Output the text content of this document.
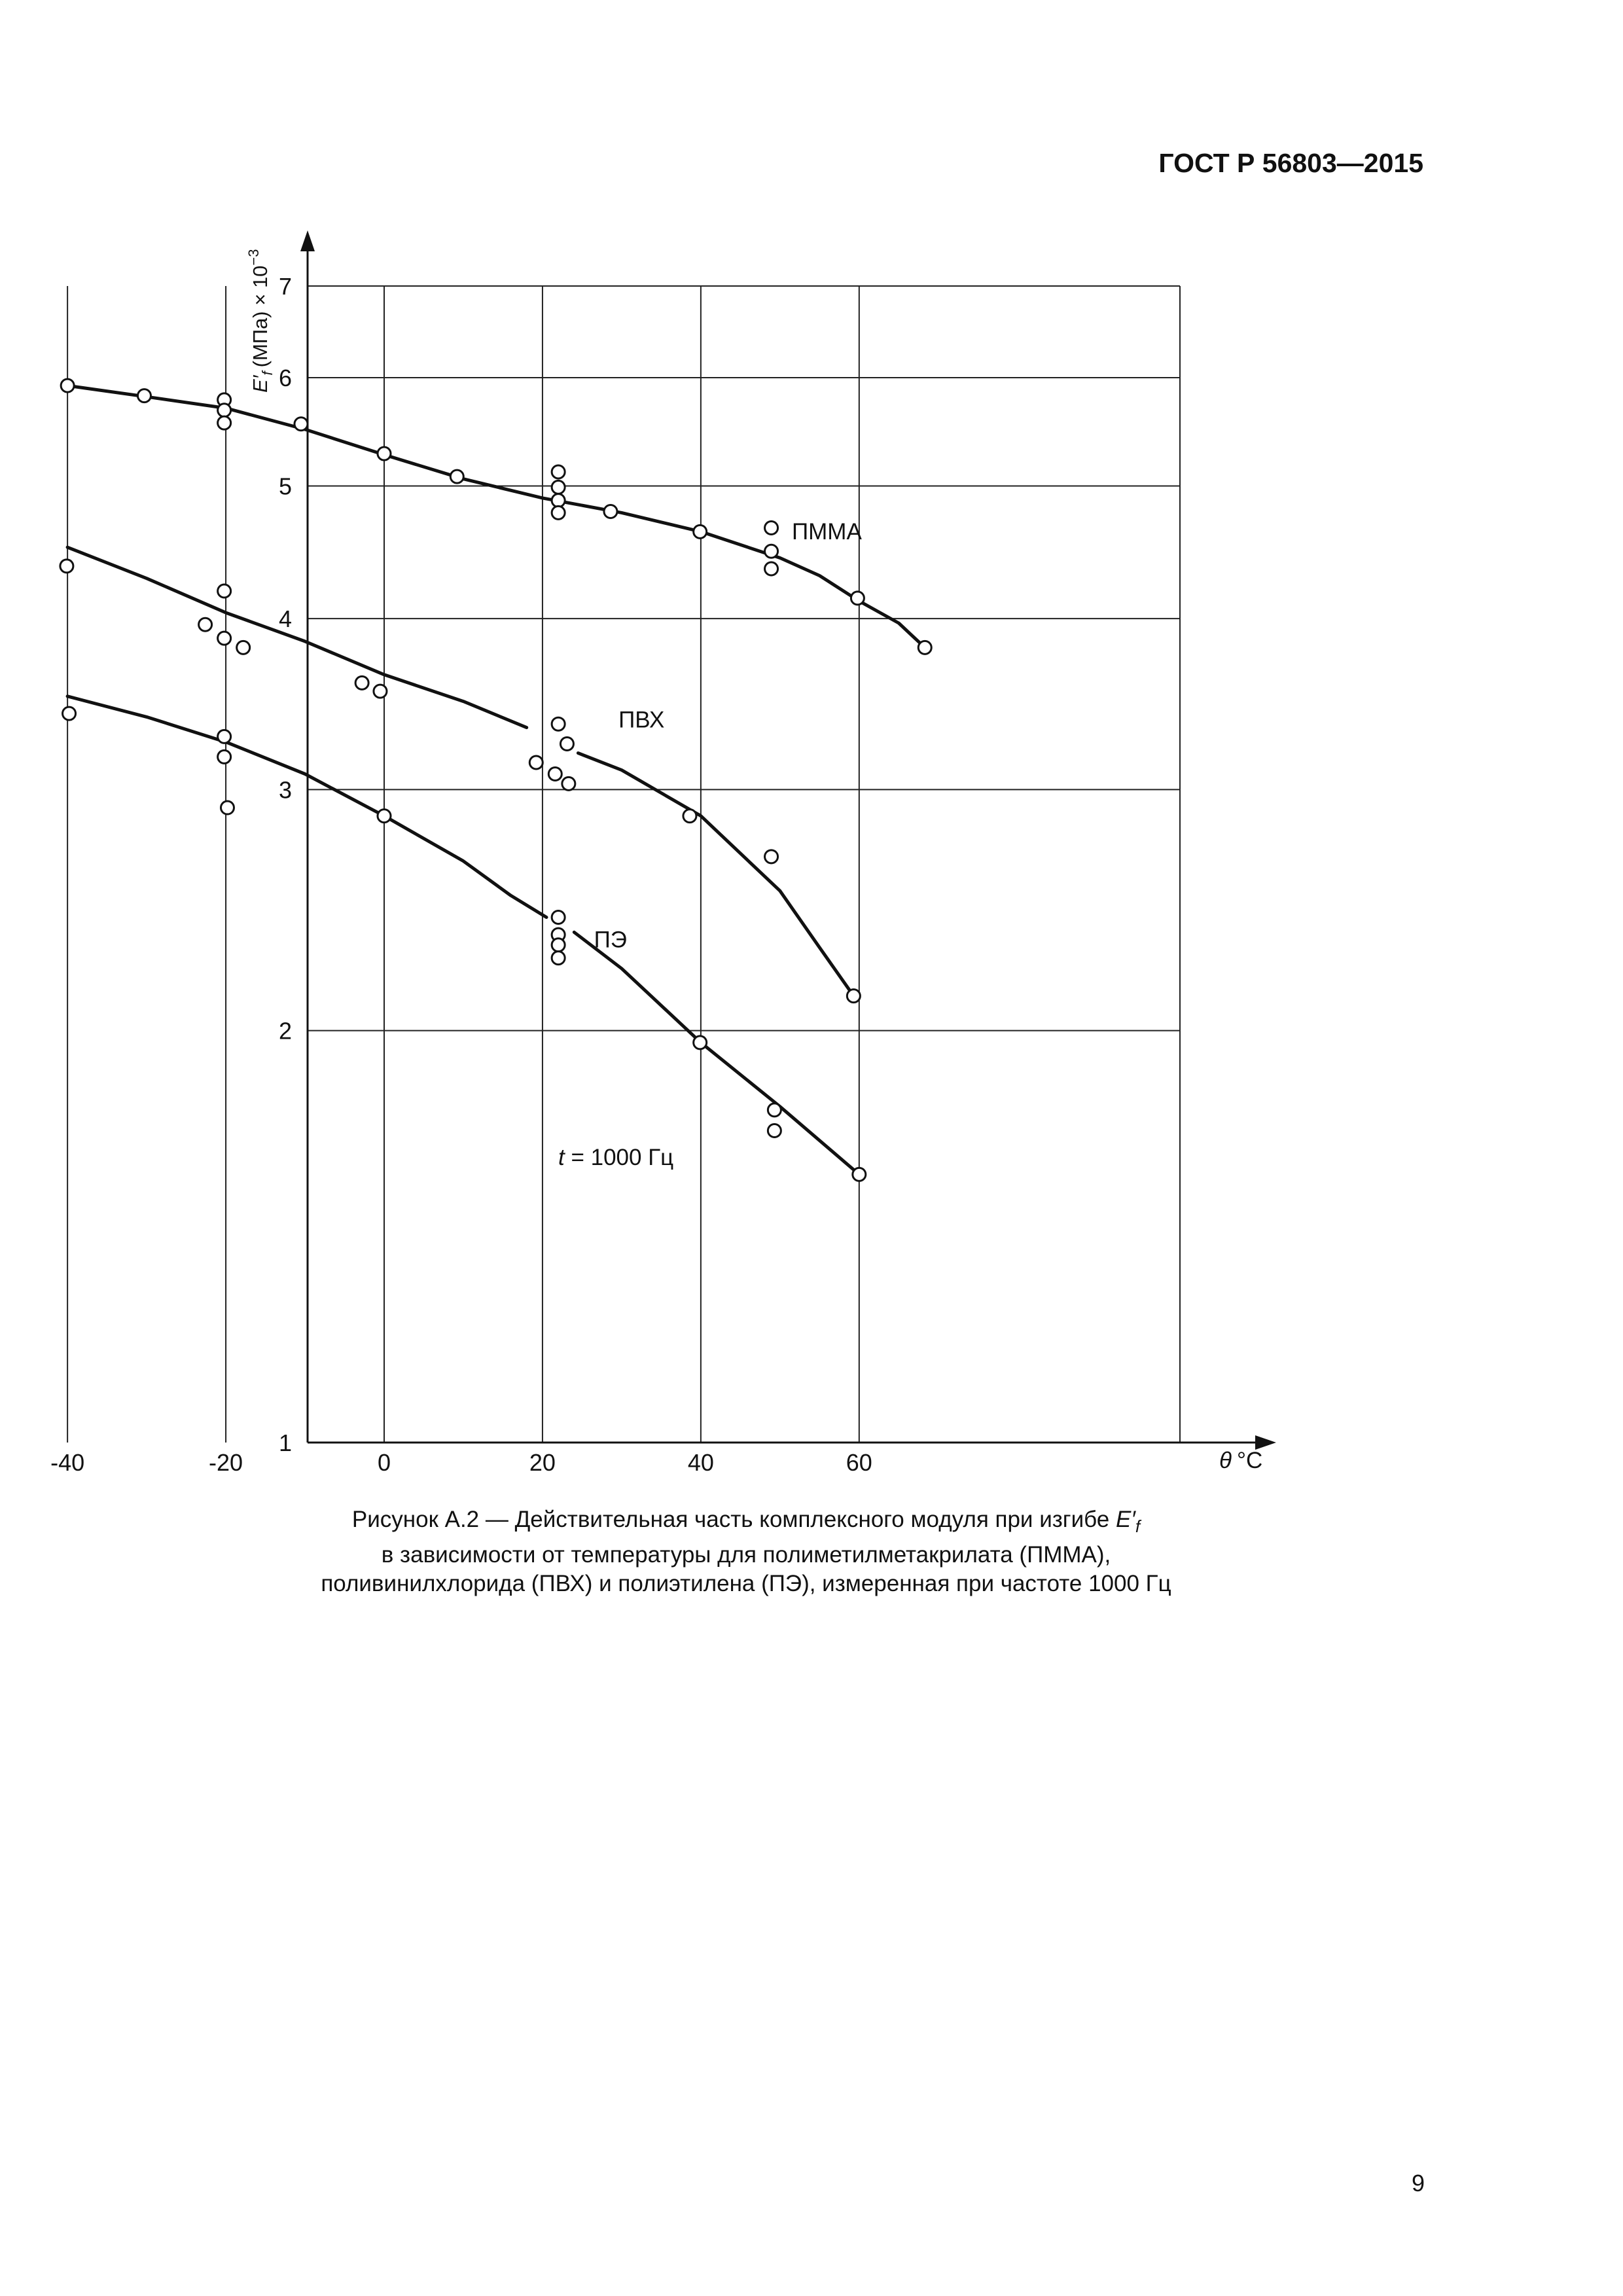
ГОСТ Р 56803—2015
-40	-20	0	20	40	60
1
2
3
4
5
6
7
ПММА
ПВХ
ПЭ
θ °C
$E'_f(МПа) \times 10^{-3}$
t = 1000 Гц
Рисунок А.2 — Действительная часть комплексного модуля при изгибе $E'_f$
в зависимости от температуры для полиметилметакрилата (ПММА),
поливинилхлорида (ПВХ) и полиэтилена (ПЭ), измеренная при частоте 1000 Гц
9
